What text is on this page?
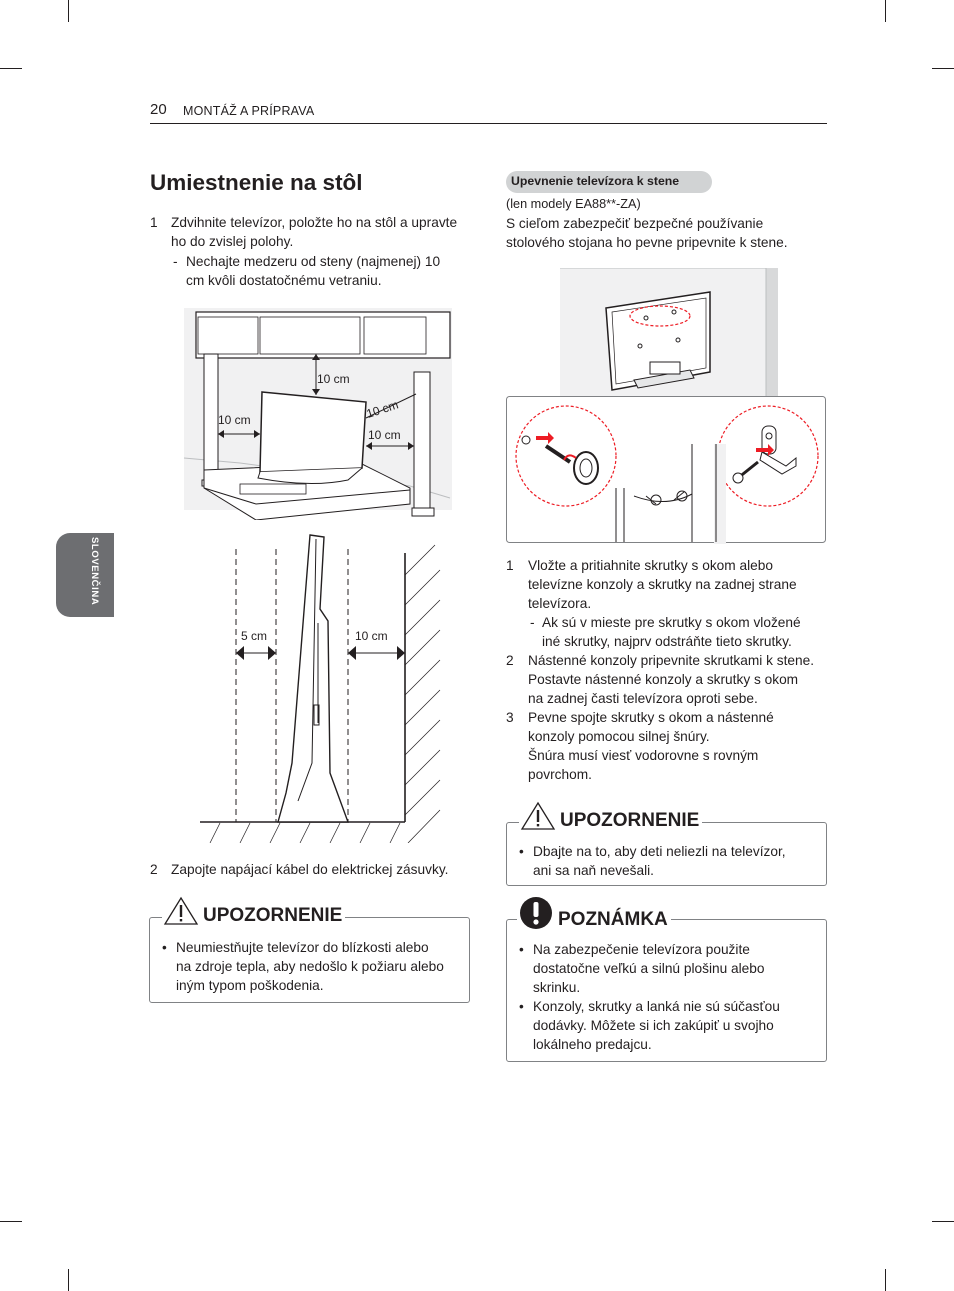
20 MONTÁŽ A PRÍPRAVA
SLOVENČINA
Umiestnenie na stôl
1 Zdvihnite televízor, položte ho na stôl a upravte
ho do zvislej polohy.
- Nechajte medzeru od steny (najmenej) 10
cm kvôli dostatočnému vetraniu.
10 cm
10 cm	10 cm
10 cm
5 cm	10 cm
2 Zapojte napájací kábel do elektrickej zásuvky.
UPOZORNENIE
• Neumiestňujte televízor do blízkosti alebo
na zdroje tepla, aby nedošlo k požiaru alebo
iným typom poškodenia.
Upevnenie televízora k stene
(len modely EA88**-ZA)
S cieľom zabezpečiť bezpečné používanie
stolového stojana ho pevne pripevnite k stene.
1 Vložte a pritiahnite skrutky s okom alebo
televízne konzoly a skrutky na zadnej strane
televízora.
- Ak sú v mieste pre skrutky s okom vložené
iné skrutky, najprv odstráňte tieto skrutky.
2 Nástenné konzoly pripevnite skrutkami k stene.
Postavte nástenné konzoly a skrutky s okom
na zadnej časti televízora oproti sebe.
3 Pevne spojte skrutky s okom a nástenné
konzoly pomocou silnej šnúry.
Šnúra musí viesť vodorovne s rovným
povrchom.
UPOZORNENIE
• Dbajte na to, aby deti neliezli na televízor,
ani sa naň nevešali.
POZNÁMKA
• Na zabezpečenie televízora použite
dostatočne veľkú a silnú plošinu alebo
skrinku.
• Konzoly, skrutky a lanká nie sú súčasťou
dodávky. Môžete si ich zakúpiť u svojho
lokálneho predajcu.
